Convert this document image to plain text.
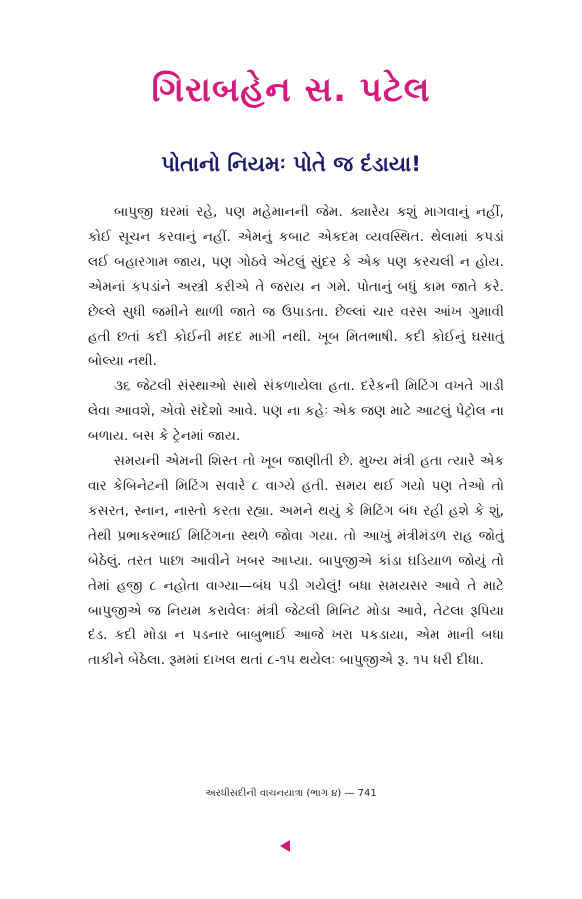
ગિરાબહેન સ. પટેલ
પોતાનો નિયમઃ પોતે જ દંડાયા!

બાપુજી ઘરમાં રહે, પણ મહેમાનની જેમ. ક્યારેય કશું માગવાનું નહીં, કોઈ સૂચન કરવાનું નહીં. એમનું કબાટ એકદમ વ્યવસ્થિત. થેલામાં કપડાં લઈ બહારગામ જાય, પણ ગોઠવે એટલું સુંદર કે એક પણ કરચલી ન હોય. એમનાં કપડાંને અસ્ત્રી કરીએ તે જરાય ન ગમે. પોતાનું બધું કામ જાતે કરે. છેલ્લે સુધી જમીને થાળી જાતે જ ઉપાડતા. છેલ્લાં ચાર વરસ આંખ ગુમાવી હતી છતાં કદી કોઈની મદદ માગી નથી. ખૂબ મિતભાષી. કદી કોઈનું ઘસાતું બોલ્યા નથી.

૩૬ જેટલી સંસ્થાઓ સાથે સંકળાયેલા હતા. દરેકની મિટિંગ વખતે ગાડી લેવા આવશે, એવો સંદેશો આવે. પણ ના કહેઃ એક જણ માટે આટલું પેટ્રોલ ના બળાય. બસ કે ટ્રેનમાં જાય.

સમયની એમની શિસ્ત તો ખૂબ જાણીતી છે. મુખ્ય મંત્રી હતા ત્યારે એક વાર કેબિનેટની મિટિંગ સવારે ૮ વાગ્યે હતી. સમય થઈ ગયો પણ તેઓ તો કસરત, સ્નાન, નાસ્તો કરતા રહ્યા. અમને થયું કે મિટિંગ બંધ રહી હશે કે શું, તેથી પ્રભાકરભાઈ મિટિંગના સ્થળે જોવા ગયા. તો આખું મંત્રીમંડળ રાહ જોતું બેઠેલું. તરત પાછા આવીને ખબર આપ્યા. બાપુજીએ કાંડા ઘડિયાળ જોયું તો તેમાં હજી ૮ નહોતા વાગ્યા—બંધ પડી ગયેલું! બધા સમયસર આવે તે માટે બાપુજીએ જ નિયમ કરાવેલઃ મંત્રી જેટલી મિનિટ મોડા આવે, તેટલા રૂપિયા દંડ. કદી મોડા ન પડનાર બાબુભાઈ આજે ખરા પકડાયા, એમ માની બધા તાકીને બેઠેલા. રૂમમાં દાખલ થતાં ૮-૧૫ થયેલઃ બાપુજીએ રૂ. ૧૫ ધરી દીધા.

અરધીસદીની વાચનયાત્રા (ભાગ ૪) — 741
